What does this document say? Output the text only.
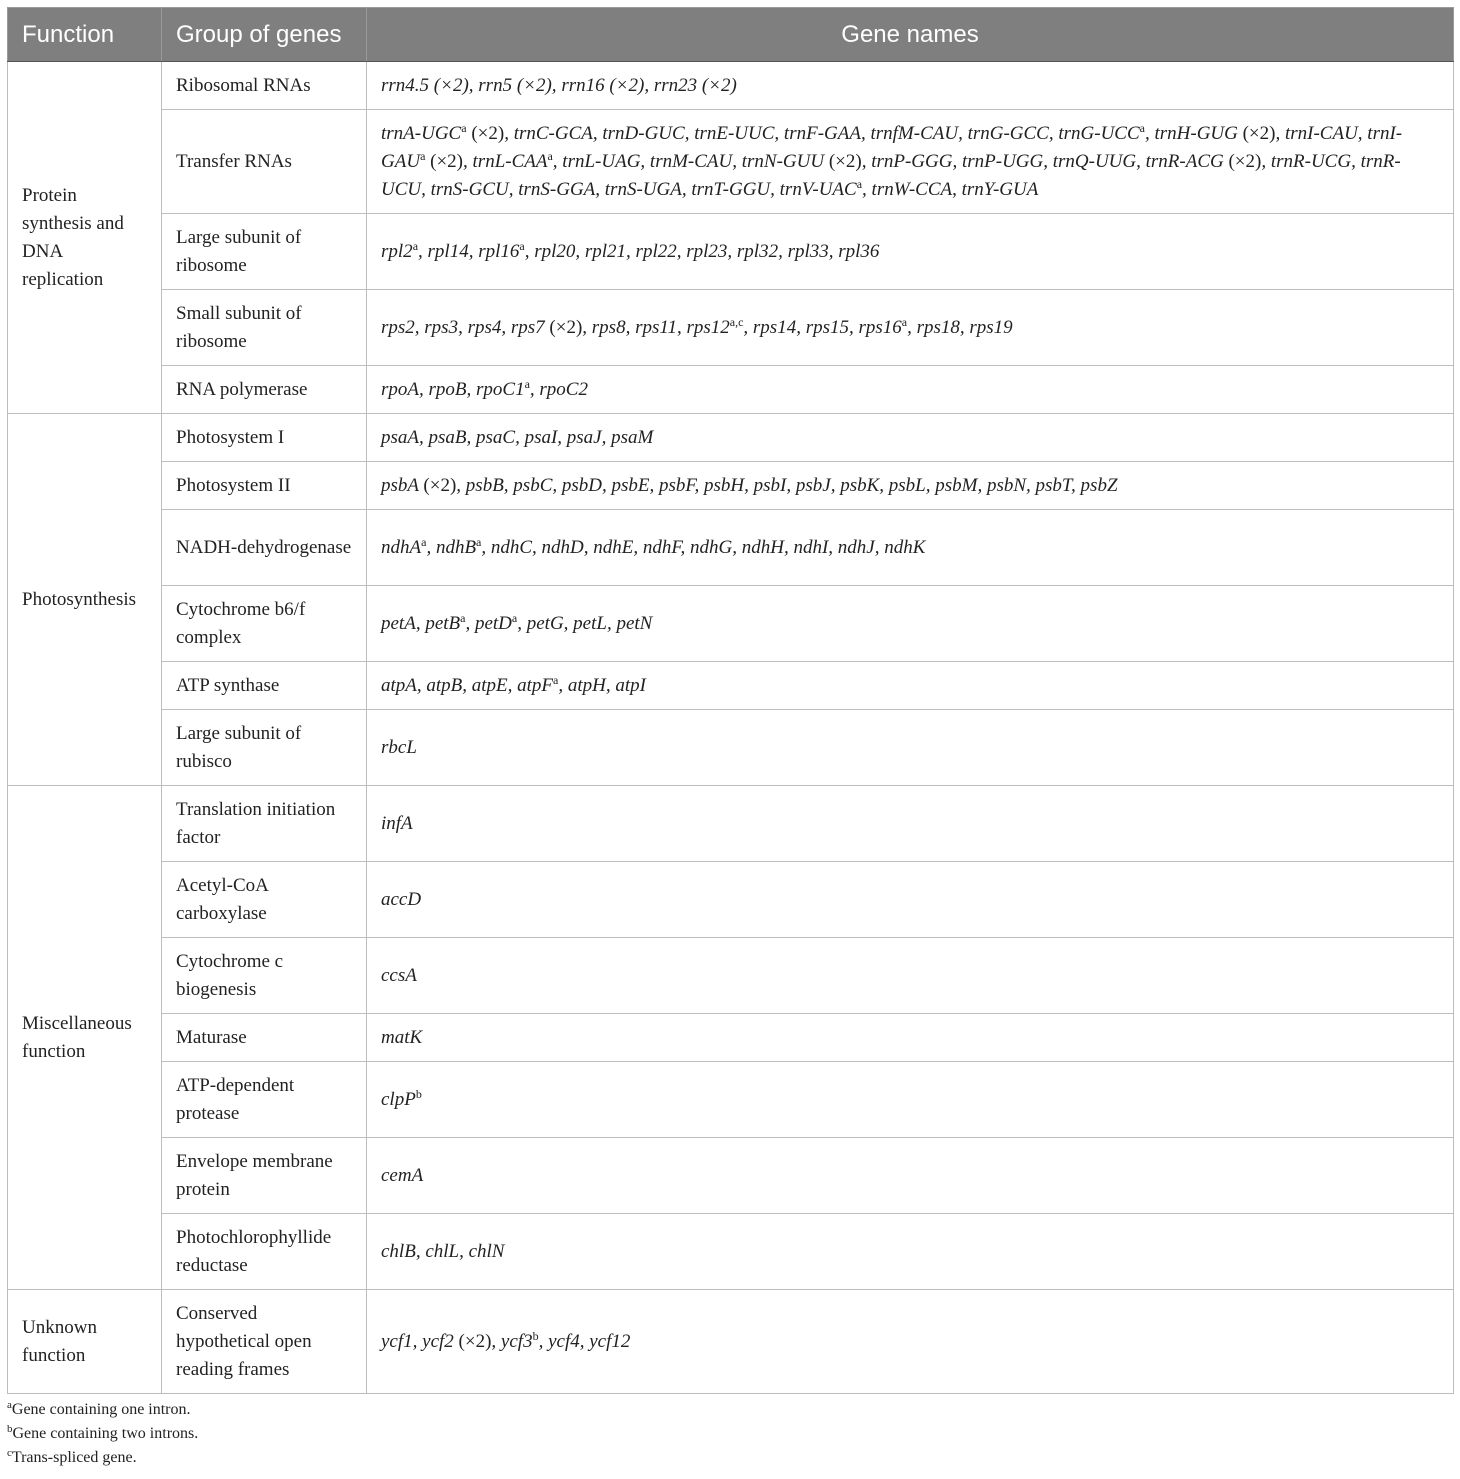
Function	Group of genes	Gene names
Protein synthesis and DNA replication	Ribosomal RNAs	rrn4.5 (×2), rrn5 (×2), rrn16 (×2), rrn23 (×2)
	Transfer RNAs	trnA-UGC$^a$ (×2), trnC-GCA, trnD-GUC, trnE-UUC, trnF-GAA, trnfM-CAU, trnG-GCC, trnG-UCC$^a$, trnH-GUG (×2), trnI-CAU, trnI-GAU$^a$ (×2), trnL-CAA$^a$, trnL-UAG, trnM-CAU, trnN-GUU (×2), trnP-GGG, trnP-UGG, trnQ-UUG, trnR-ACG (×2), trnR-UCG, trnR-UCU, trnS-GCU, trnS-GGA, trnS-UGA, trnT-GGU, trnV-UAC$^a$, trnW-CCA, trnY-GUA
	Large subunit of ribosome	rpl2$^a$, rpl14, rpl16$^a$, rpl20, rpl21, rpl22, rpl23, rpl32, rpl33, rpl36
	Small subunit of ribosome	rps2, rps3, rps4, rps7 (×2), rps8, rps11, rps12$^{a,c}$, rps14, rps15, rps16$^a$, rps18, rps19
	RNA polymerase	rpoA, rpoB, rpoC1$^a$, rpoC2
Photosynthesis	Photosystem I	psaA, psaB, psaC, psaI, psaJ, psaM
	Photosystem II	psbA (×2), psbB, psbC, psbD, psbE, psbF, psbH, psbI, psbJ, psbK, psbL, psbM, psbN, psbT, psbZ
	NADH-dehydrogenase	ndhA$^a$, ndhB$^a$, ndhC, ndhD, ndhE, ndhF, ndhG, ndhH, ndhI, ndhJ, ndhK
	Cytochrome b6/f complex	petA, petB$^a$, petD$^a$, petG, petL, petN
	ATP synthase	atpA, atpB, atpE, atpF$^a$, atpH, atpI
	Large subunit of rubisco	rbcL
Miscellaneous function	Translation initiation factor	infA
	Acetyl-CoA carboxylase	accD
	Cytochrome c biogenesis	ccsA
	Maturase	matK
	ATP-dependent protease	clpP$^b$
	Envelope membrane protein	cemA
	Photochlorophyllide reductase	chlB, chlL, chlN
Unknown function	Conserved hypothetical open reading frames	ycf1, ycf2 (×2), ycf3$^b$, ycf4, ycf12
$^a$Gene containing one intron.
$^b$Gene containing two introns.
$^c$Trans-spliced gene.
